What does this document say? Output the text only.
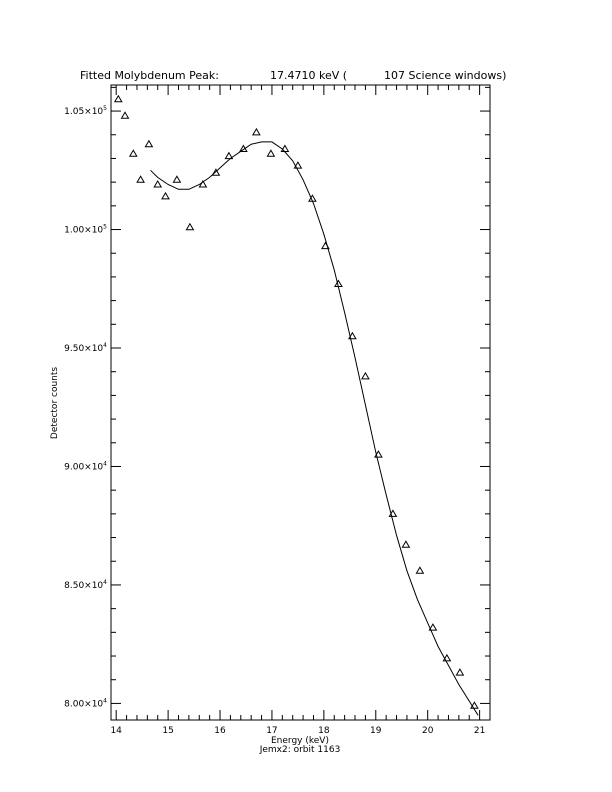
Fitted Molybdenum Peak:	17.4710 keV (	107 Science windows)
14	15	16	17	18	19	20	21
$8.00\times 10^4$
$8.50\times 10^4$
$9.00\times 10^4$
$9.50\times 10^4$
$1.00\times 10^5$
$1.05\times 10^5$
Energy (keV)
Jemx2: orbit 1163
Detector counts
